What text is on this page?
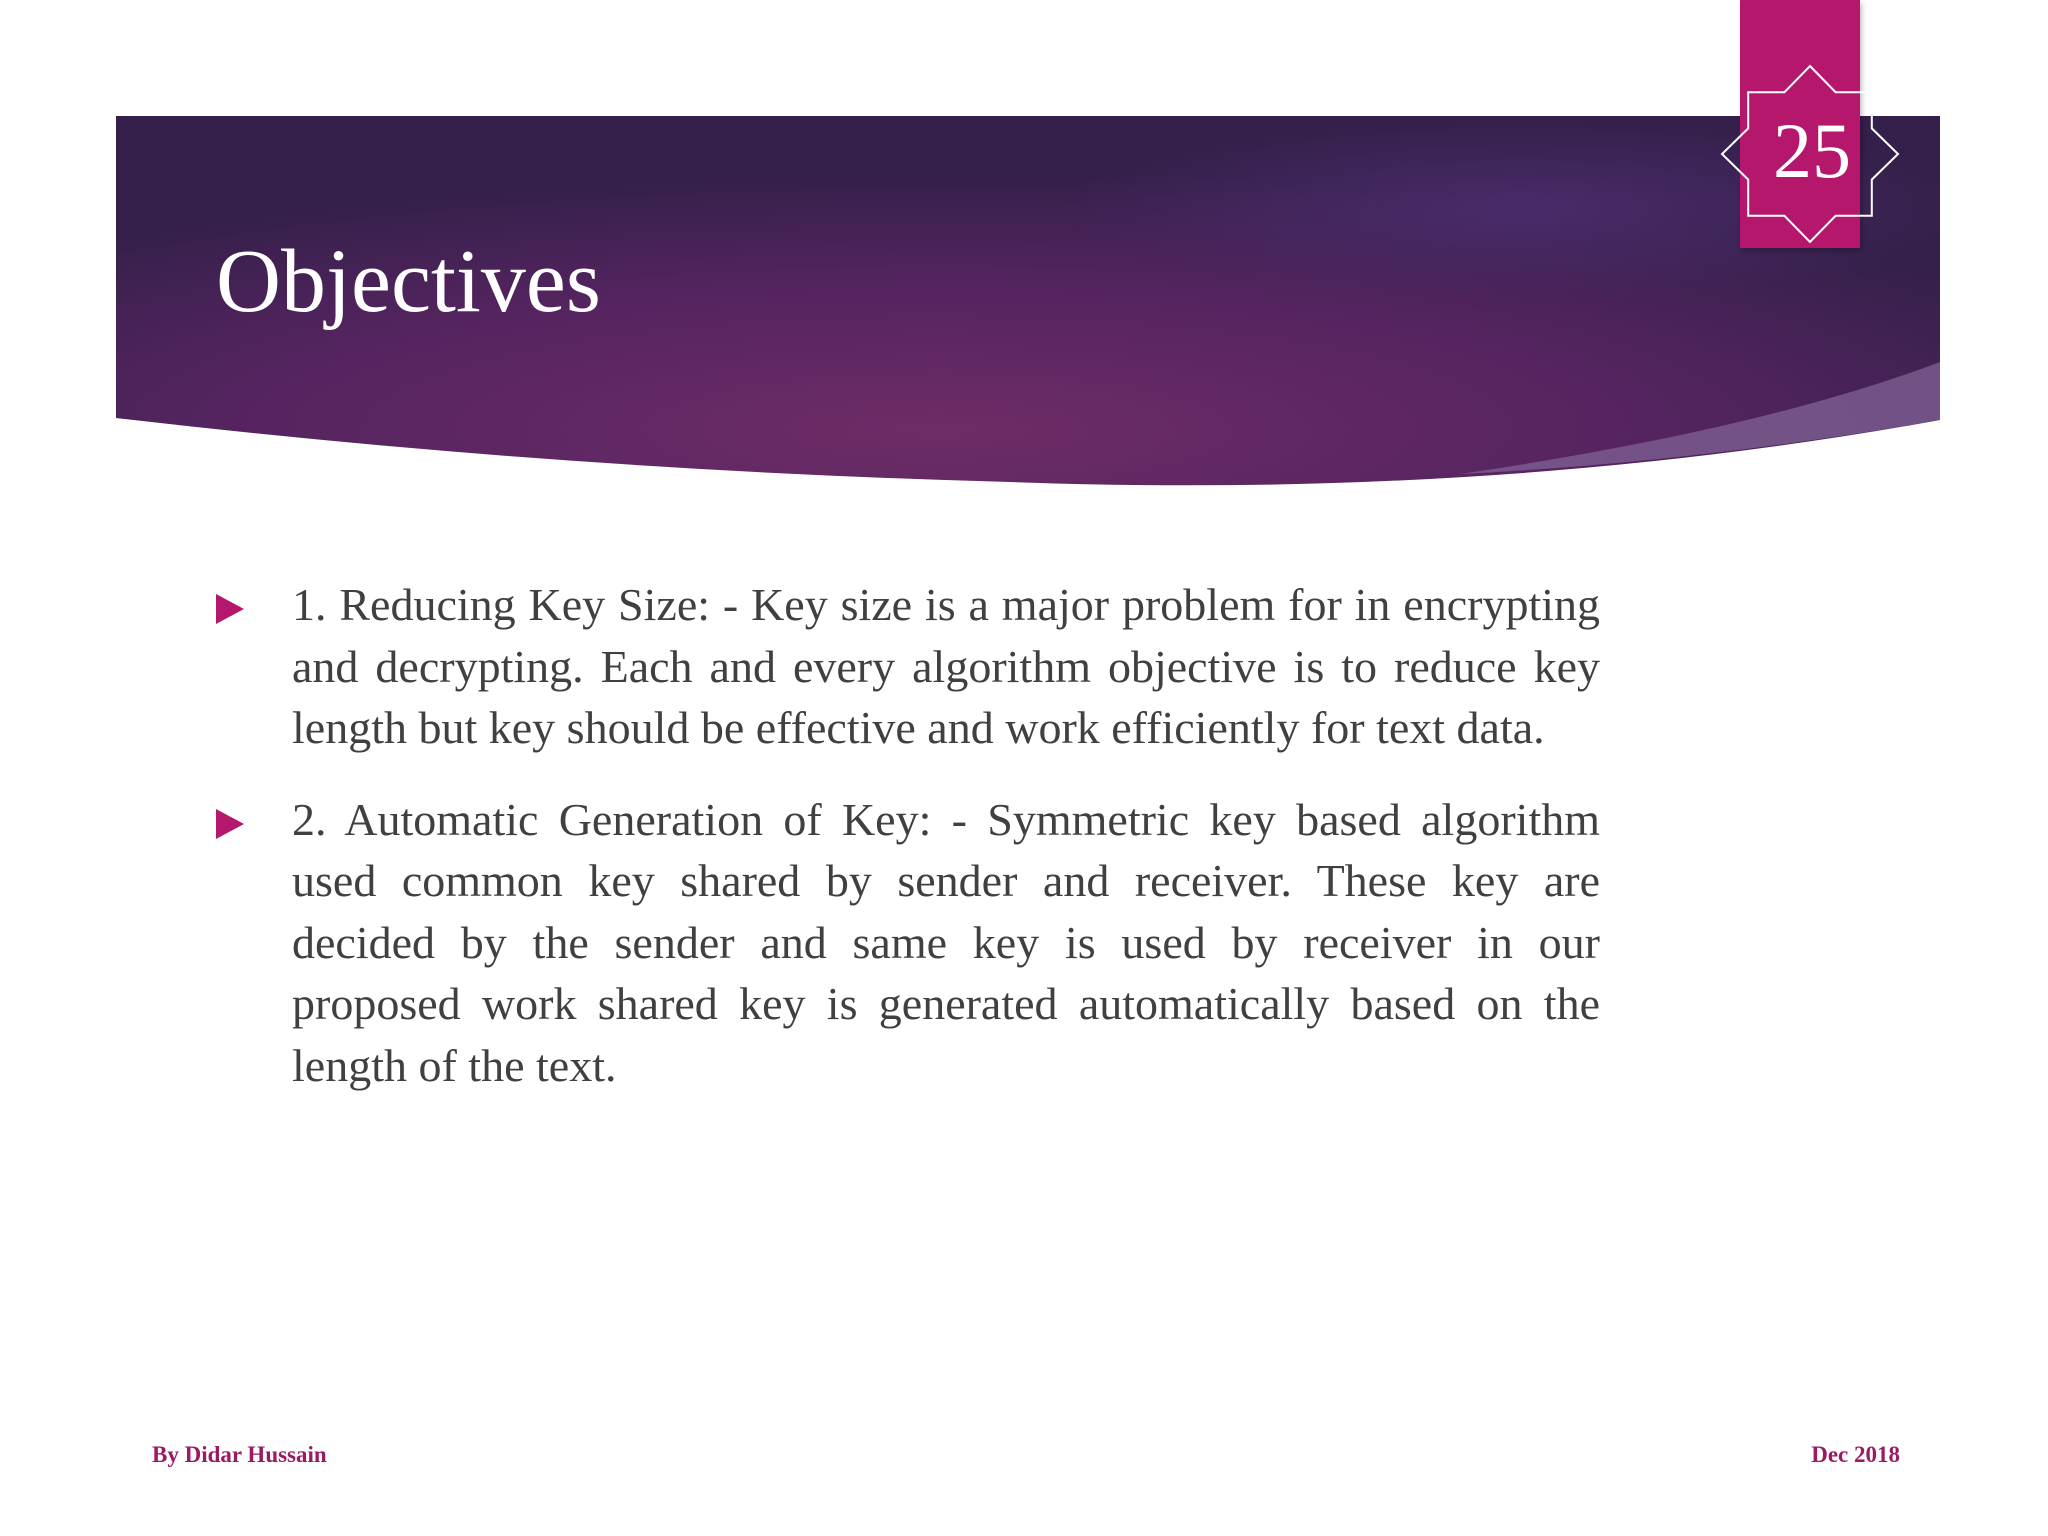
Objectives
25

1. Reducing Key Size: - Key size is a major problem for in encrypting and decrypting. Each and every algorithm objective is to reduce key length but key should be effective and work efficiently for text data.

2. Automatic Generation of Key: - Symmetric key based algorithm used common key shared by sender and receiver. These key are decided by the sender and same key is used by receiver in our proposed work shared key is generated automatically based on the length of the text.

By Didar Hussain	Dec 2018
